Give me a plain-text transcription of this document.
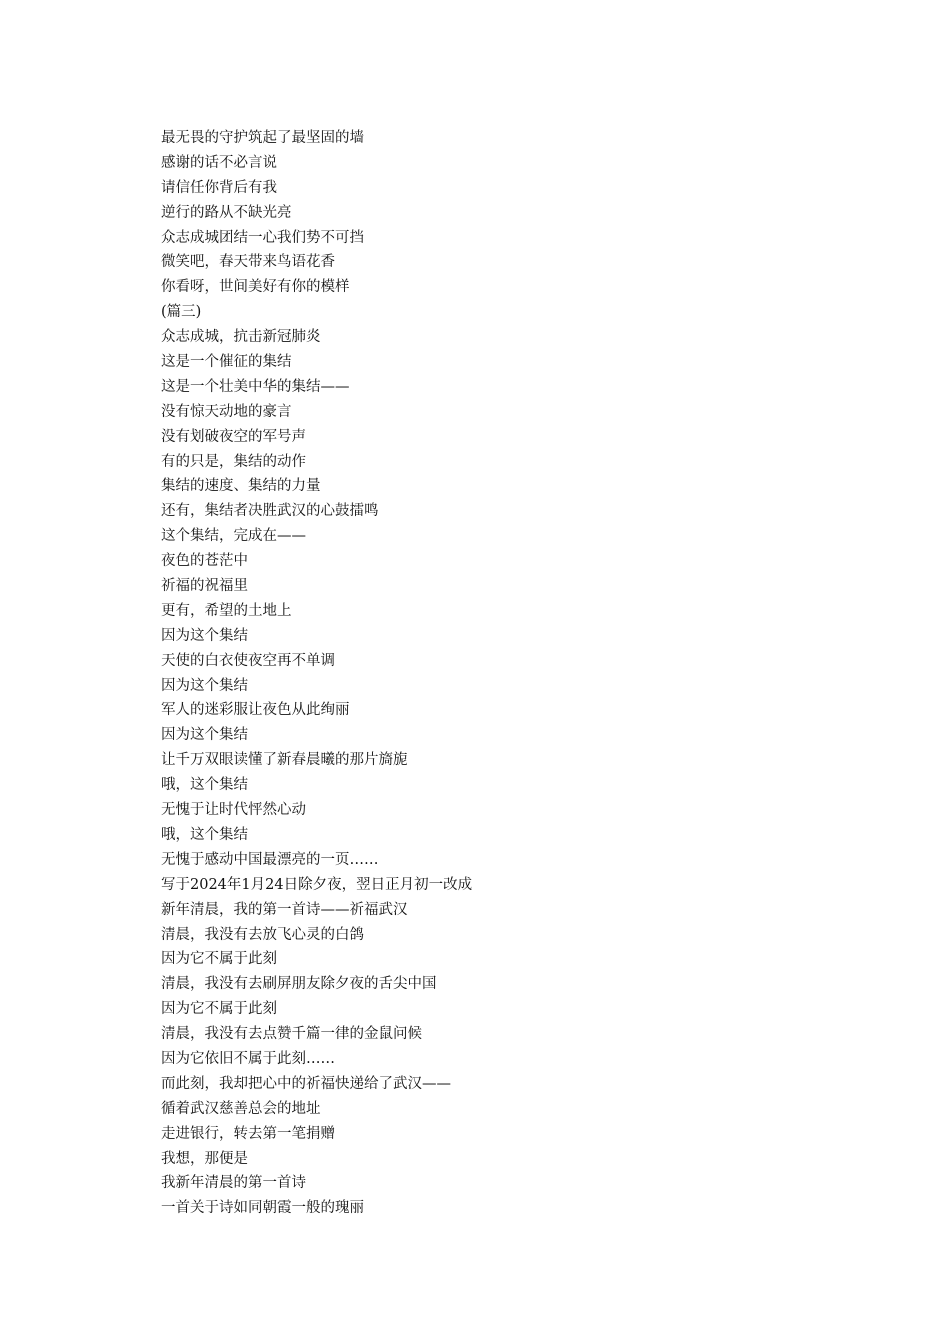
最无畏的守护筑起了最坚固的墙
感谢的话不必言说
请信任你背后有我
逆行的路从不缺光亮
众志成城团结一心我们势不可挡
微笑吧，春天带来鸟语花香
你看呀，世间美好有你的模样
(篇三)
众志成城，抗击新冠肺炎
这是一个催征的集结
这是一个壮美中华的集结——
没有惊天动地的豪言
没有划破夜空的军号声
有的只是，集结的动作
集结的速度、集结的力量
还有，集结者决胜武汉的心鼓擂鸣
这个集结，完成在——
夜色的苍茫中
祈福的祝福里
更有，希望的土地上
因为这个集结
天使的白衣使夜空再不单调
因为这个集结
军人的迷彩服让夜色从此绚丽
因为这个集结
让千万双眼读懂了新春晨曦的那片旖旎
哦，这个集结
无愧于让时代怦然心动
哦，这个集结
无愧于感动中国最漂亮的一页……
写于2024年1月24日除夕夜，翌日正月初一改成
新年清晨，我的第一首诗——祈福武汉
清晨，我没有去放飞心灵的白鸽
因为它不属于此刻
清晨，我没有去刷屏朋友除夕夜的舌尖中国
因为它不属于此刻
清晨，我没有去点赞千篇一律的金鼠问候
因为它依旧不属于此刻……
而此刻，我却把心中的祈福快递给了武汉——
循着武汉慈善总会的地址
走进银行，转去第一笔捐赠
我想，那便是
我新年清晨的第一首诗
一首关于诗如同朝霞一般的瑰丽
